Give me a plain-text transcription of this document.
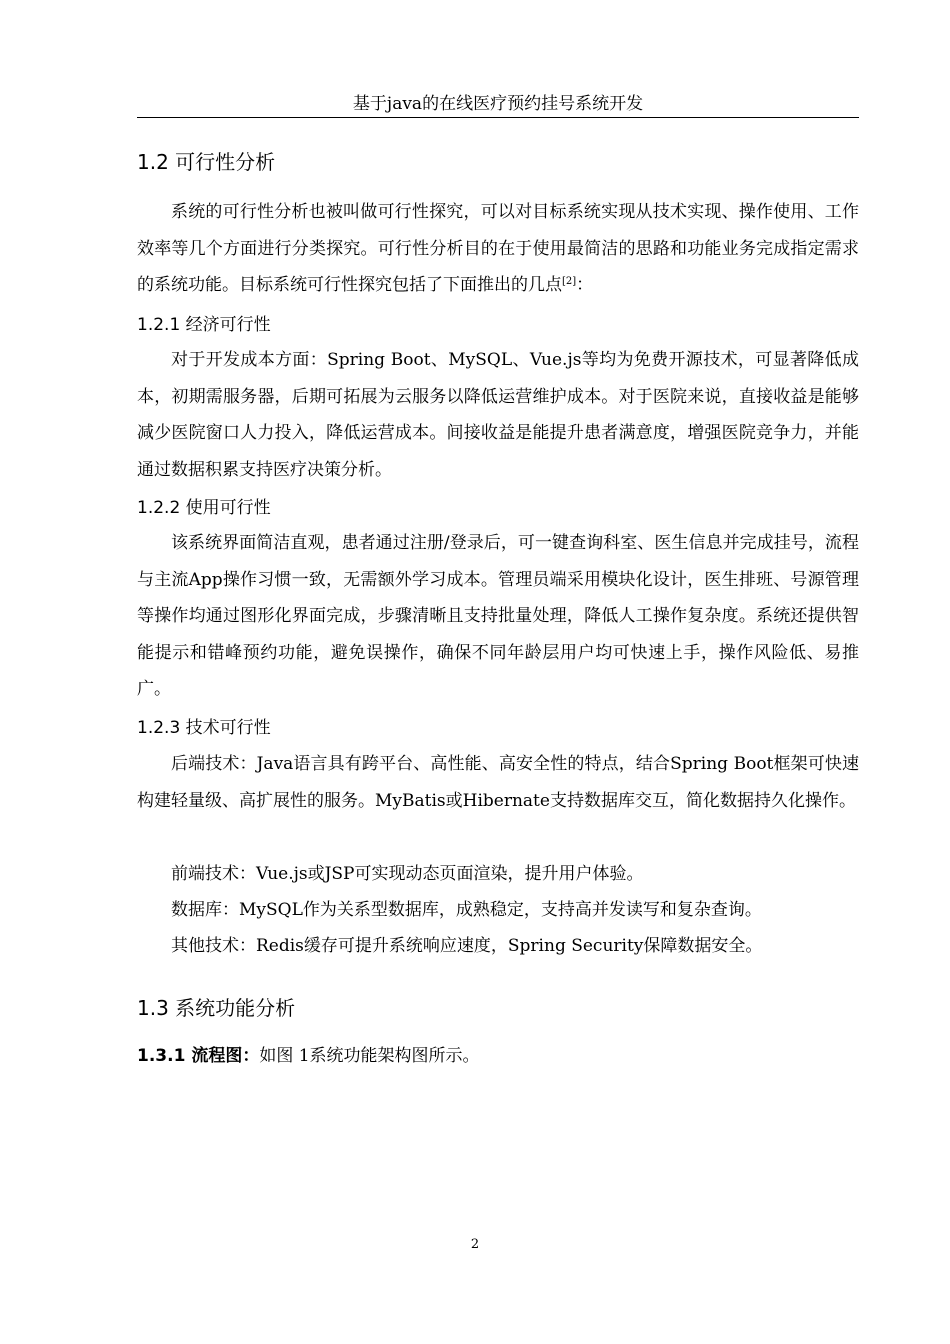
基于java的在线医疗预约挂号系统开发
1.2 可行性分析

系统的可行性分析也被叫做可行性探究，可以对目标系统实现从技术实现、操作使用、工作效率等几个方面进行分类探究。可行性分析目的在于使用最简洁的思路和功能业务完成指定需求的系统功能。目标系统可行性探究包括了下面推出的几点[2]：

1.2.1 经济可行性

对于开发成本方面：Spring Boot、MySQL、Vue.js等均为免费开源技术，可显著降低成本，初期需服务器，后期可拓展为云服务以降低运营维护成本。对于医院来说，直接收益是能够减少医院窗口人力投入，降低运营成本。间接收益是能提升患者满意度，增强医院竞争力，并能通过数据积累支持医疗决策分析。

1.2.2 使用可行性

该系统界面简洁直观，患者通过注册/登录后，可一键查询科室、医生信息并完成挂号，流程与主流App操作习惯一致，无需额外学习成本。管理员端采用模块化设计，医生排班、号源管理等操作均通过图形化界面完成，步骤清晰且支持批量处理，降低人工操作复杂度。系统还提供智能提示和错峰预约功能，避免误操作，确保不同年龄层用户均可快速上手，操作风险低、易推广。

1.2.3 技术可行性

后端技术：Java语言具有跨平台、高性能、高安全性的特点，结合Spring Boot框架可快速构建轻量级、高扩展性的服务。MyBatis或Hibernate支持数据库交互，简化数据持久化操作。

前端技术：Vue.js或JSP可实现动态页面渲染，提升用户体验。
数据库：MySQL作为关系型数据库，成熟稳定，支持高并发读写和复杂查询。
其他技术：Redis缓存可提升系统响应速度，Spring Security保障数据安全。
1.3 系统功能分析
1.3.1 流程图：如图 1系统功能架构图所示。
2
